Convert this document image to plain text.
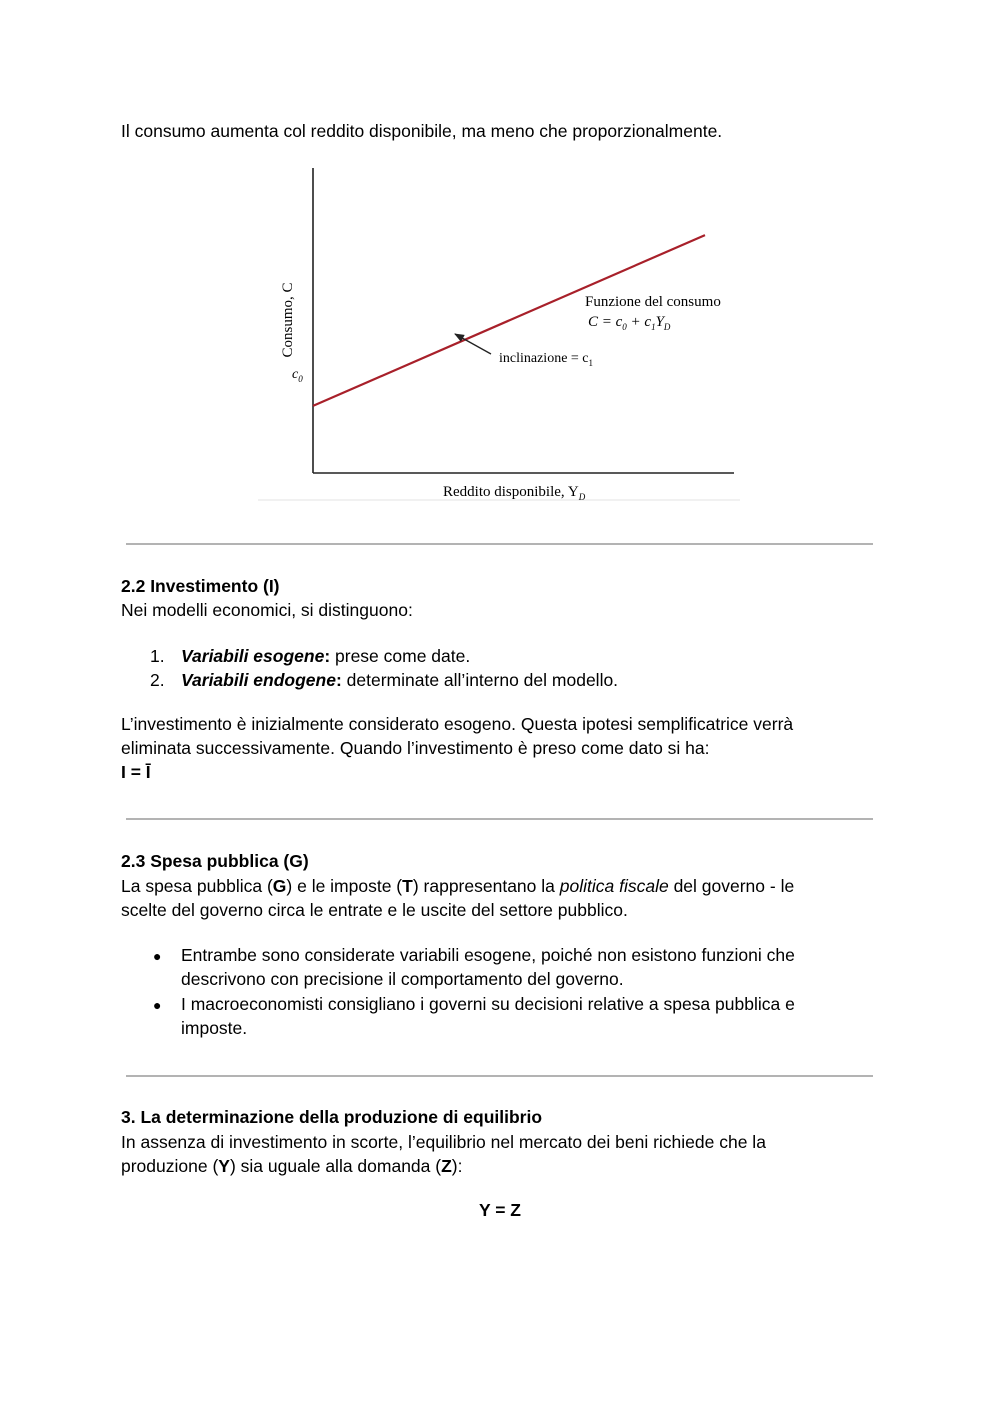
Il consumo aumenta col reddito disponibile, ma meno che proporzionalmente.

$c_0$
Consumo, C	Funzione del consumo
$C = c_0 + c_1Y_D$
inclinazione = $c_1$
Reddito disponibile, $Y_D$

2.2 Investimento (I)

Nei modelli economici, si distinguono:

1. Variabili esogene: prese come date.
2. Variabili endogene: determinate all’interno del modello.

L’investimento è inizialmente considerato esogeno. Questa ipotesi semplificatrice verrà

eliminata successivamente. Quando l’investimento è preso come dato si ha:

I = Ī

2.3 Spesa pubblica (G)

La spesa pubblica (G) e le imposte (T) rappresentano la politica fiscale del governo - le

scelte del governo circa le entrate e le uscite del settore pubblico.

● Entrambe sono considerate variabili esogene, poiché non esistono funzioni che
descrivono con precisione il comportamento del governo.
● I macroeconomisti consigliano i governi su decisioni relative a spesa pubblica e
imposte.

3. La determinazione della produzione di equilibrio

In assenza di investimento in scorte, l’equilibrio nel mercato dei beni richiede che la

produzione (Y) sia uguale alla domanda (Z):

Y = Z
